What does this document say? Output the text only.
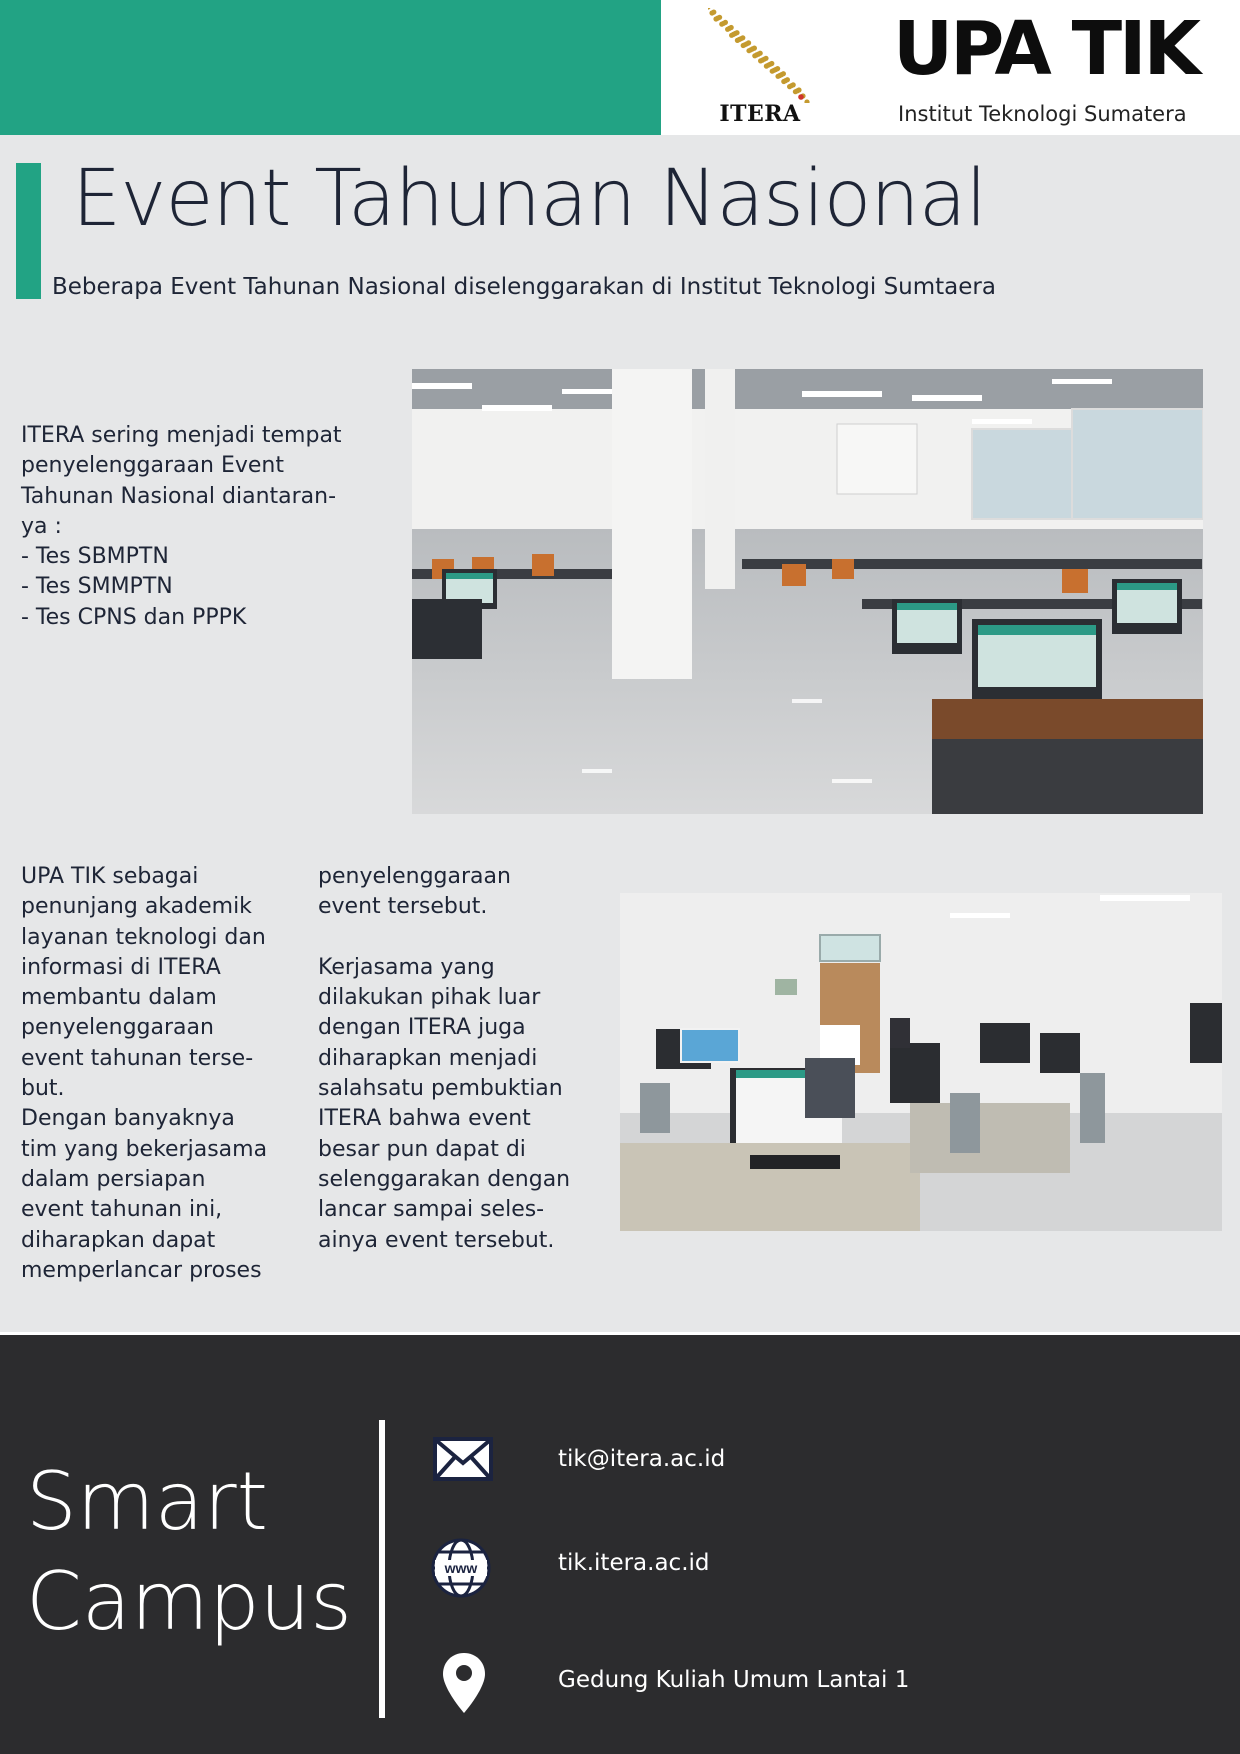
ITERA
UPA TIK
Institut Teknologi Sumatera
Event Tahunan Nasional
Beberapa Event Tahunan Nasional diselenggarakan di Institut Teknologi Sumtaera
ITERA sering menjadi tempat
penyelenggaraan Event
Tahunan Nasional diantaran-
ya :
- Tes SBMPTN
- Tes SMMPTN
- Tes CPNS dan PPPK
UPA TIK sebagai
penunjang akademik
layanan teknologi dan
informasi di ITERA
membantu dalam
penyelenggaraan
event tahunan terse-
but.
Dengan banyaknya
tim yang bekerjasama
dalam persiapan
event tahunan ini,
diharapkan dapat
memperlancar proses
penyelenggaraan
event tersebut.

Kerjasama yang
dilakukan pihak luar
dengan ITERA juga
diharapkan menjadi
salahsatu pembuktian
ITERA bahwa event
besar pun dapat di
selenggarakan dengan
lancar sampai seles-
ainya event tersebut.
Smart
Campus
tik@itera.ac.id
www	tik.itera.ac.id
Gedung Kuliah Umum Lantai 1
